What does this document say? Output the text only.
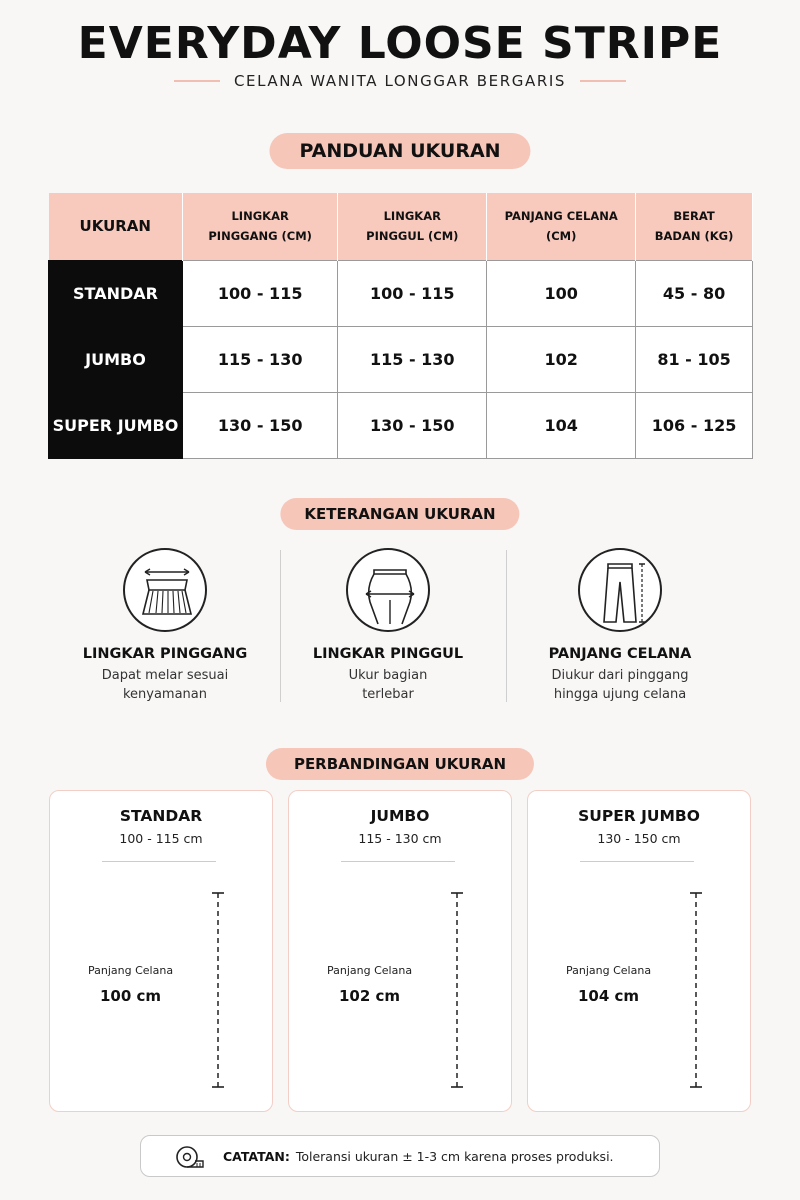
EVERYDAY LOOSE STRIPE
CELANA WANITA LONGGAR BERGARIS
PANDUAN UKURAN
UKURAN	LINGKAR PINGGANG (CM)	LINGKAR PINGGUL (CM)	PANJANG CELANA (CM)	BERAT BADAN (KG)
STANDAR	100 - 115	100 - 115	100	45 - 80
JUMBO	115 - 130	115 - 130	102	81 - 105
SUPER JUMBO	130 - 150	130 - 150	104	106 - 125
KETERANGAN UKURAN
LINGKAR PINGGANG
Dapat melar sesuai
kenyamanan
LINGKAR PINGGUL
Ukur bagian
terlebar
PANJANG CELANA
Diukur dari pinggang
hingga ujung celana
PERBANDINGAN UKURAN
STANDAR
100 - 115 cm
Panjang Celana
100 cm
JUMBO
115 - 130 cm
Panjang Celana
102 cm
SUPER JUMBO
130 - 150 cm
Panjang Celana
104 cm
CATATAN: Toleransi ukuran ± 1-3 cm karena proses produksi.
